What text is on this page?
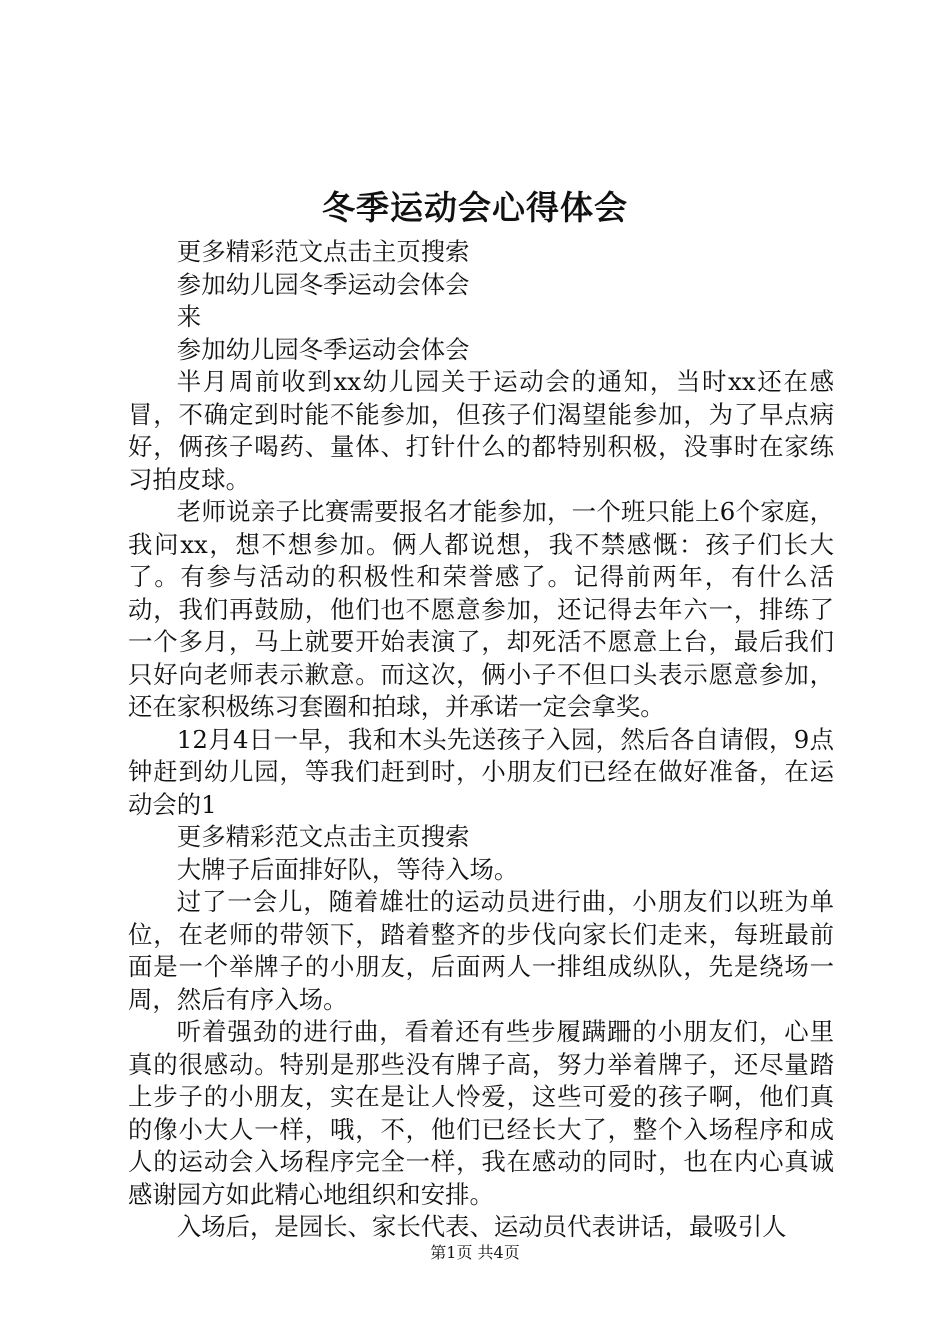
冬季运动会心得体会

更多精彩范文点击主页搜索

参加幼儿园冬季运动会体会

来

参加幼儿园冬季运动会体会

半月周前收到xx幼儿园关于运动会的通知，当时xx还在感冒，不确定到时能不能参加，但孩子们渴望能参加，为了早点病好，俩孩子喝药、量体、打针什么的都特别积极，没事时在家练习拍皮球。

老师说亲子比赛需要报名才能参加，一个班只能上6个家庭，我问xx，想不想参加。俩人都说想，我不禁感慨：孩子们长大了。有参与活动的积极性和荣誉感了。记得前两年，有什么活动，我们再鼓励，他们也不愿意参加，还记得去年六一，排练了一个多月，马上就要开始表演了，却死活不愿意上台，最后我们只好向老师表示歉意。而这次，俩小子不但口头表示愿意参加，还在家积极练习套圈和拍球，并承诺一定会拿奖。

12月4日一早，我和木头先送孩子入园，然后各自请假，9点钟赶到幼儿园，等我们赶到时，小朋友们已经在做好准备，在运动会的1

更多精彩范文点击主页搜索

大牌子后面排好队，等待入场。

过了一会儿，随着雄壮的运动员进行曲，小朋友们以班为单位，在老师的带领下，踏着整齐的步伐向家长们走来，每班最前面是一个举牌子的小朋友，后面两人一排组成纵队，先是绕场一周，然后有序入场。

听着强劲的进行曲，看着还有些步履蹒跚的小朋友们，心里真的很感动。特别是那些没有牌子高，努力举着牌子，还尽量踏上步子的小朋友，实在是让人怜爱，这些可爱的孩子啊，他们真的像小大人一样，哦，不，他们已经长大了，整个入场程序和成人的运动会入场程序完全一样，我在感动的同时，也在内心真诚感谢园方如此精心地组织和安排。

入场后，是园长、家长代表、运动员代表讲话，最吸引人

第1页 共4页
